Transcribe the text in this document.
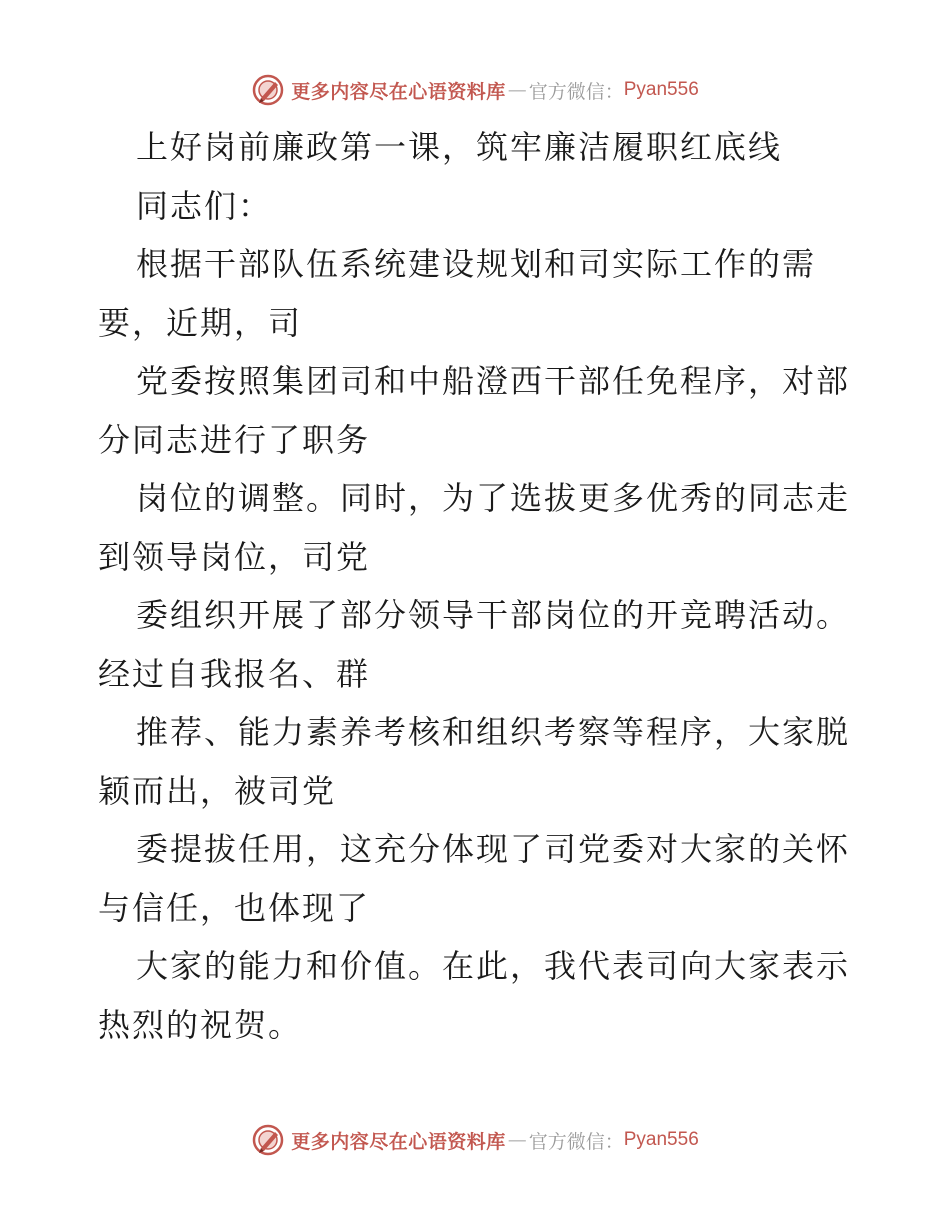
更多内容尽在心语资料库 — 官方微信： Pyan556
上好岗前廉政第一课，筑牢廉洁履职红底线
同志们：
根据干部队伍系统建设规划和司实际工作的需
要，近期，司
党委按照集团司和中船澄西干部任免程序，对部
分同志进行了职务
岗位的调整。同时，为了选拔更多优秀的同志走
到领导岗位，司党
委组织开展了部分领导干部岗位的开竞聘活动。
经过自我报名、群
推荐、能力素养考核和组织考察等程序，大家脱
颖而出，被司党
委提拔任用，这充分体现了司党委对大家的关怀
与信任，也体现了
大家的能力和价值。在此，我代表司向大家表示
热烈的祝贺。
更多内容尽在心语资料库 — 官方微信： Pyan556
